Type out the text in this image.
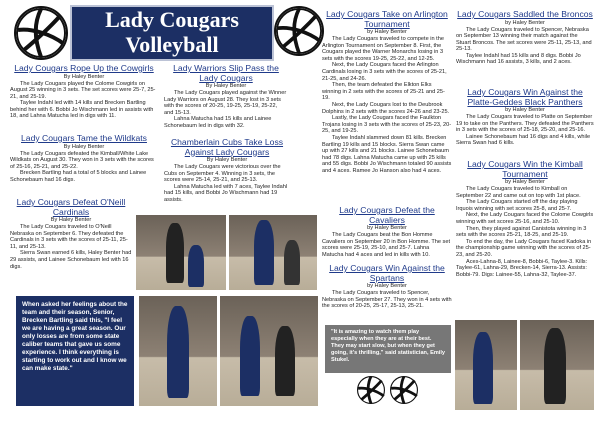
Lady Cougars
Volleyball
Lady Cougars Rope Up the Cowgirls
By Haley Benter

The Lady Cougars played the Colome Cowgirls on August 25 winning in 3 sets. The set scores were 25-7, 25-21, and 25-19.

Taylee Indahl led with 14 kills and Brecken Bartling behind her with 6. Bobbi Jo Wischmann led in assists with 18, and Lahna Matucha led in digs with 11.

Lady Cougars Tame the Wildkats
By Haley Benter

The Lady Cougars defeated the Kimball/White Lake Wildkats on August 30. They won in 3 sets with the scores of 25-16, 25-21, and 25-22.

Brecken Bartling had a total of 5 blocks and Lainee Schonebaum had 16 digs.

Lady Cougars Defeat O'Neill Cardinals
By Haley Benter

The Lady Cougars traveled to O'Neill Nebraska on September 6. They defeated the Cardinals in 3 sets with the scores of 25-11, 25-11, and 25-13.

Sierra Swan earned 6 kills, Haley Benter had 29 assists, and Lainee Schonebaum led with 16 digs.

Lady Warriors Slip Pass the Lady Cougars
By Haley Benter

The Lady Cougars played against the Winner Lady Warriors on August 28. They lost in 3 sets with the scores of 20-25, 19-25, 25-19, 25-22, and 15-13.

Lahna Matucha had 15 kills and Lainee Schonebaum led in digs with 32.

Chamberlain Cubs Take Loss Against Lady Cougars
By Haley Benter

The Lady Cougars were victorious over the Cubs on September 4. Winning in 3 sets, the scores were 25-14, 25-21, and 25-13.

Lahna Matucha led with 7 aces, Taylee Indahl had 15 kills, and Bobbi Jo Wischmann had 19 assists.

When asked her feelings about the team and their season, Senior, Brecken Bartling said this, "I feel we are having a great season. Our only losses are from some state caliber teams that gave us some experience. I think everything is starting to work out and I know we can make state."
Lady Cougars Take on Arlington Tournament
by Haley Benter

The Lady Cougars traveled to compete in the Arlington Tournament on September 8. First, the Cougars played the Warner Monarchs losing in 3 sets with the scores 19-25, 25-22, and 12-25.

Next, the Lady Cougars faced the Arlington Cardinals losing in 3 sets with the scores of 25-21, 21-25, and 24-26.

Then, the team defeated the Elkton Elks winning in 2 sets with the scores of 25-21 and 25-19.

Next, the Lady Cougars lost to the Deubrook Dolphins in 2 sets with the scores 24-26 and 23-25.

Lastly, the Lady Cougars faced the Faulkton Trojans losing in 3 sets with the scores of 25-23, 20-25, and 19-25.

Taylee Indahl slammed down 81 kills. Brecken Bartling 19 kills and 15 blocks. Sierra Swan came up with 27 kills and 21 blocks. Lainee Schonebaum had 78 digs. Lahna Matucha came up with 25 kills and 55 digs. Bobbi Jo Wischmann totaled 90 assists and 4 aces. Ramee Jo Hanson also had 4 aces.

Lady Cougars Defeat the Cavaliers
by Haley Benter

The Lady Cougars beat the Bon Homme Cavaliers on September 20 in Bon Homme. The set scores were 25-19, 25-10, and 25-7. Lahna Matucha had 4 aces and led in kills with 10.

Lady Cougars Win Against the Spartans
by Haley Benter

The Lady Cougars traveled to Spencer, Nebraska on September 27. They won in 4 sets with the scores of 20-25, 25-17, 25-13, 25-21.

"It is amazing to watch them play especially when they are at their best. They may start slow, but when they get going, it's thrilling," said statistician, Emily Stukel.
Lady Cougars Saddled the Broncos
by Haley Benter

The Lady Cougars traveled to Spencer, Nebraska on September 13 winning their match against the Stuart Broncos. The set scores were 25-11, 25-13, and 25-13.

Taylee Indahl had 15 kills and 8 digs. Bobbi Jo Wischmann had 16 assists, 3 kills, and 2 aces.

Lady Cougars Win Against the Platte-Geddes Black Panthers
by Haley Benter

The Lady Cougars traveled to Platte on September 19 to take on the Panthers. They defeated the Panthers in 3 sets with the scores of 25-18, 25-20, and 25-16.

Lainee Schonebaum had 16 digs and 4 kills, while Sierra Swan had 6 kills.

Lady Cougars Win the Kimball Tournament
by Haley Benter

The Lady Cougars traveled to Kimball on September 22 and came out on top with 1st place.

The Lady Cougars started off the day playing Irquois winning with set scores 25-8, and 25-7.

Next, the Lady Cougars faced the Colome Cowgirls winning with set scores 25-16, and 25-10.

Then, they played against Canistota winning in 3 sets with the scores 25-21, 18-25, and 25-19.

To end the day, the Lady Cougars faced Kadoka in the championship game winning with the scores of 25-23, and 25-20.

Aces-Lahna-8, Lainee-8, Bobbi-6, Taylee-3. Kills: Taylee-61, Lahna-29, Brecken-14, Sierra-13. Assists: Bobbi-79. Digs: Lainee-55, Lahna-32, Taylee-37.
